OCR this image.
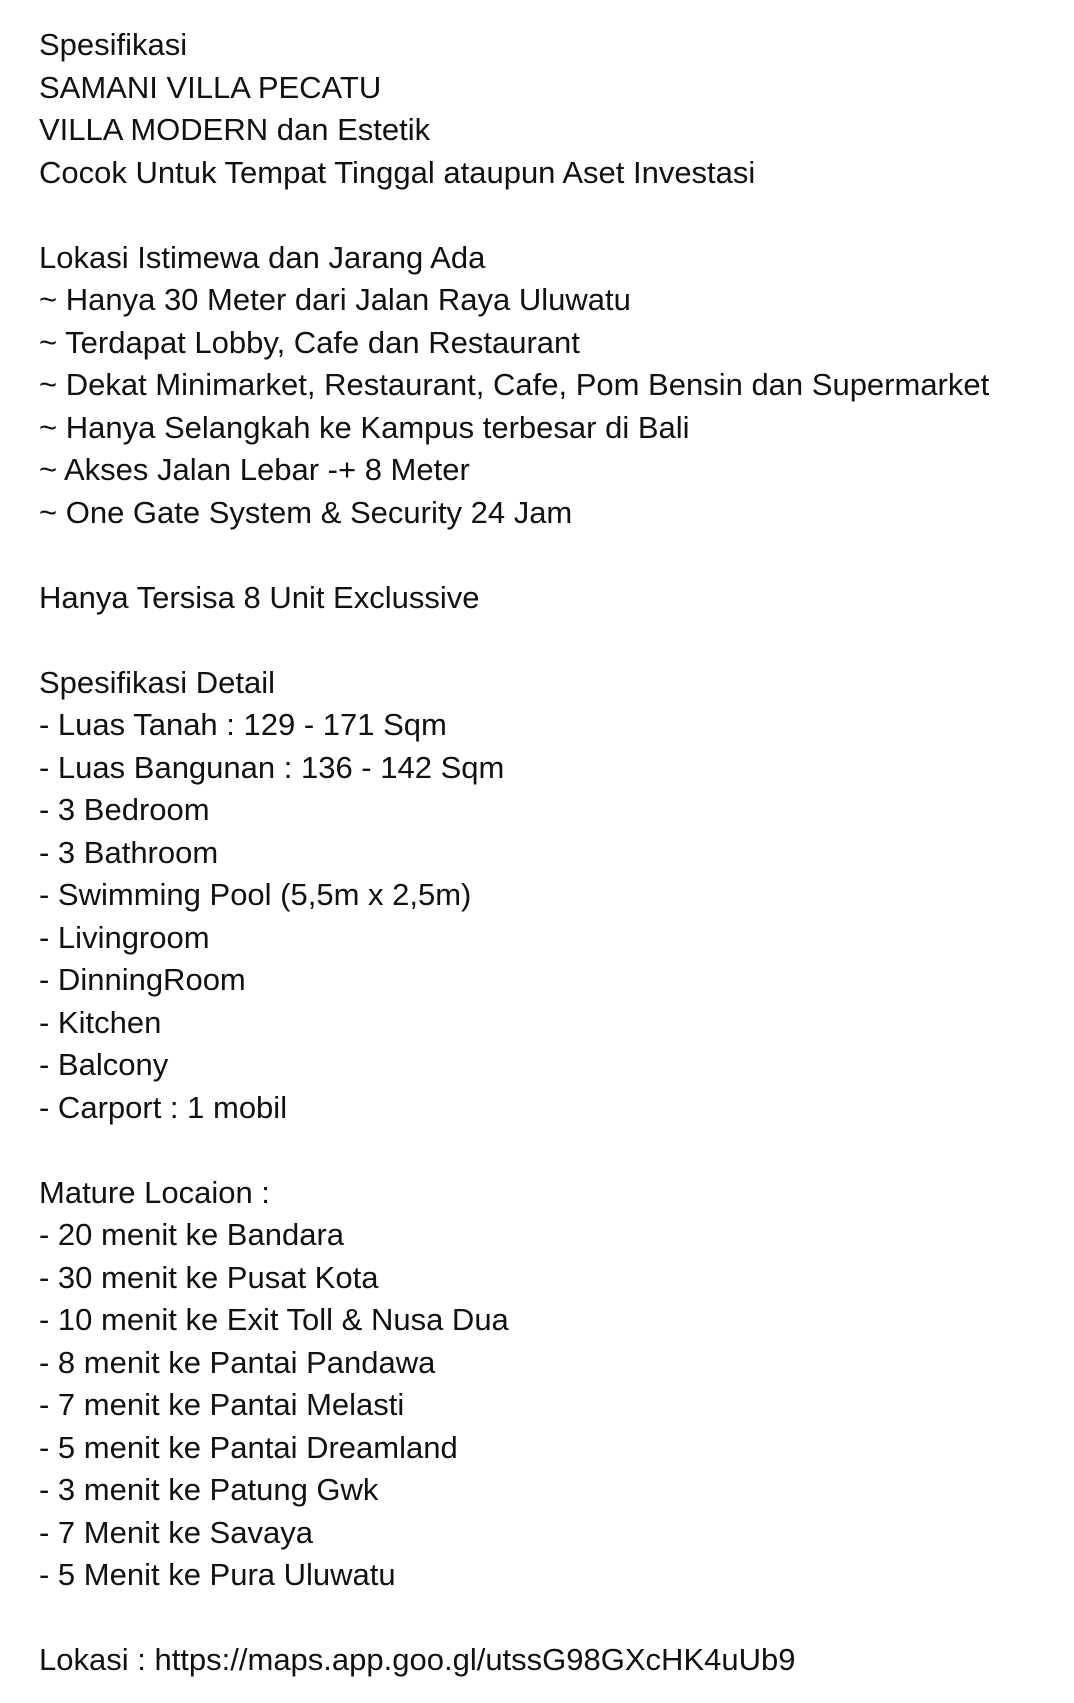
Spesifikasi
SAMANI VILLA PECATU
VILLA MODERN dan Estetik
Cocok Untuk Tempat Tinggal ataupun Aset Investasi
Lokasi Istimewa dan Jarang Ada
~ Hanya 30 Meter dari Jalan Raya Uluwatu
~ Terdapat Lobby, Cafe dan Restaurant
~ Dekat Minimarket, Restaurant, Cafe, Pom Bensin dan Supermarket
~ Hanya Selangkah ke Kampus terbesar di Bali
~ Akses Jalan Lebar -+ 8 Meter
~ One Gate System & Security 24 Jam
Hanya Tersisa 8 Unit Exclussive
Spesifikasi Detail
- Luas Tanah : 129 - 171 Sqm
- Luas Bangunan : 136 - 142 Sqm
- 3 Bedroom
- 3 Bathroom
- Swimming Pool (5,5m x 2,5m)
- Livingroom
- DinningRoom
- Kitchen
- Balcony
- Carport : 1 mobil
Mature Locaion :
- 20 menit ke Bandara
- 30 menit ke Pusat Kota
- 10 menit ke Exit Toll & Nusa Dua
- 8 menit ke Pantai Pandawa
- 7 menit ke Pantai Melasti
- 5 menit ke Pantai Dreamland
- 3 menit ke Patung Gwk
- 7 Menit ke Savaya
- 5 Menit ke Pura Uluwatu
Lokasi : https://maps.app.goo.gl/utssG98GXcHK4uUb9
